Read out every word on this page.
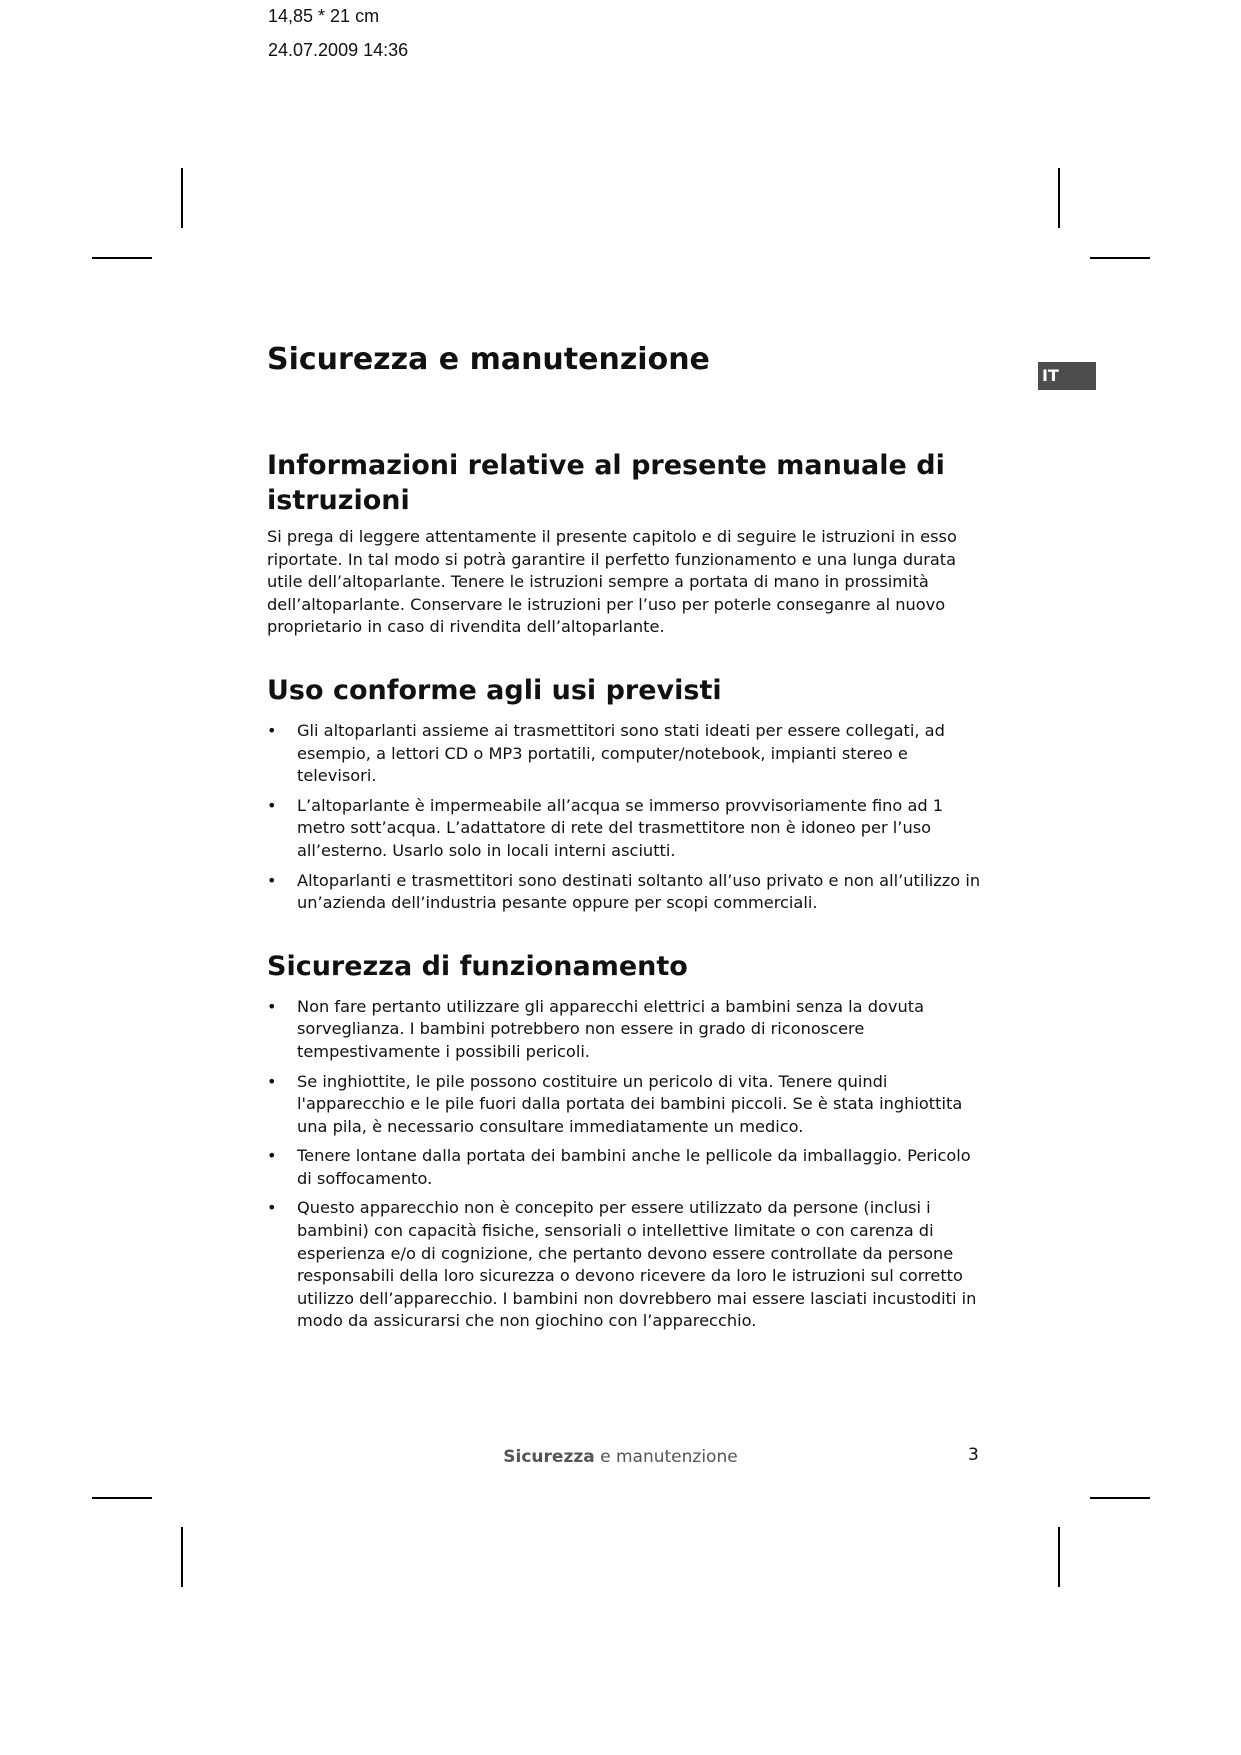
14,85 * 21 cm
24.07.2009 14:36
IT
Sicurezza e manutenzione
Informazioni relative al presente manuale di istruzioni

Si prega di leggere attentamente il presente capitolo e di seguire le istruzioni in esso riportate. In tal modo si potrà garantire il perfetto funzionamento e una lunga durata utile dell’altoparlante. Tenere le istruzioni sempre a portata di mano in prossimità dell’altoparlante. Conservare le istruzioni per l’uso per poterle conseganre al nuovo proprietario in caso di rivendita dell’altoparlante.

Uso conforme agli usi previsti
• Gli altoparlanti assieme ai trasmettitori sono stati ideati per essere collegati, ad esempio, a lettori CD o MP3 portatili, computer/notebook, impianti stereo e televisori.
• L’altoparlante è impermeabile all’acqua se immerso provvisoriamente fino ad 1 metro sott’acqua. L’adattatore di rete del trasmettitore non è idoneo per l’uso all’esterno. Usarlo solo in locali interni asciutti.
• Altoparlanti e trasmettitori sono destinati soltanto all’uso privato e non all’utilizzo in un’azienda dell’industria pesante oppure per scopi commerciali.
Sicurezza di funzionamento
• Non fare pertanto utilizzare gli apparecchi elettrici a bambini senza la dovuta sorveglianza. I bambini potrebbero non essere in grado di riconoscere tempestivamente i possibili pericoli.
• Se inghiottite, le pile possono costituire un pericolo di vita. Tenere quindi l'apparecchio e le pile fuori dalla portata dei bambini piccoli. Se è stata inghiottita una pila, è necessario consultare immediatamente un medico.
• Tenere lontane dalla portata dei bambini anche le pellicole da imballaggio. Pericolo di soffocamento.
• Questo apparecchio non è concepito per essere utilizzato da persone (inclusi i bambini) con capacità fisiche, sensoriali o intellettive limitate o con carenza di esperienza e/o di cognizione, che pertanto devono essere controllate da persone responsabili della loro sicurezza o devono ricevere da loro le istruzioni sul corretto utilizzo dell’apparecchio. I bambini non dovrebbero mai essere lasciati incustoditi in modo da assicurarsi che non giochino con l’apparecchio.
Sicurezza e manutenzione	3
